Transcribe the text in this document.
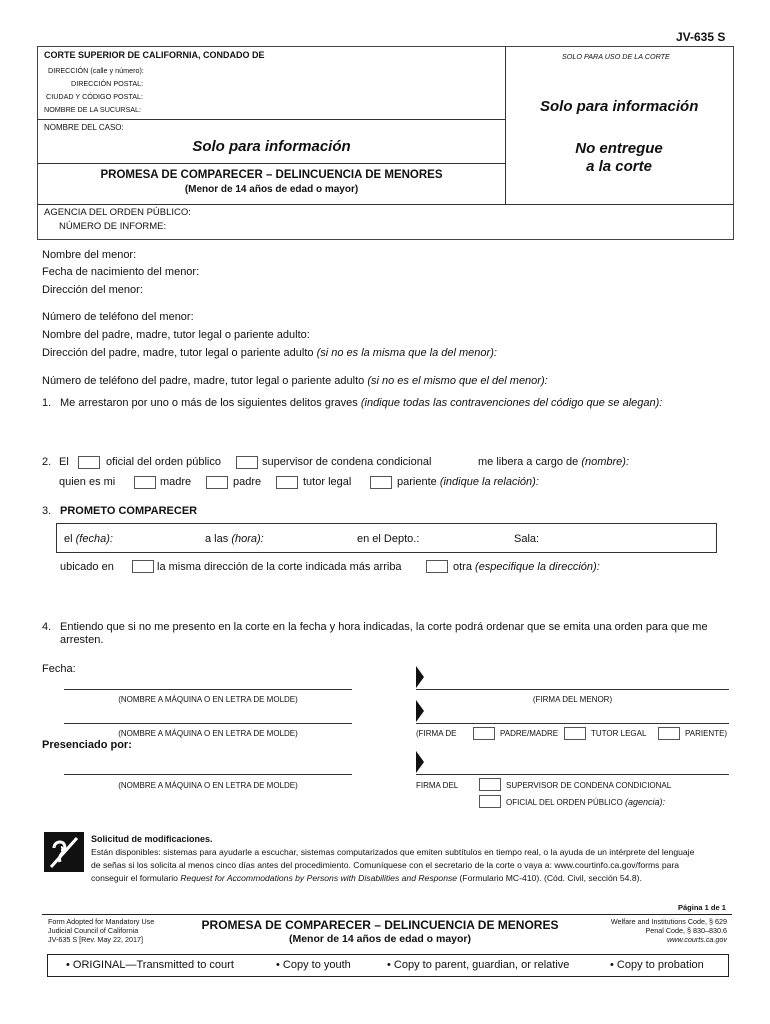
JV-635 S
CORTE SUPERIOR DE CALIFORNIA, CONDADO DE
DIRECCIÓN (calle y número):
DIRECCIÓN POSTAL:
CIUDAD Y CÓDIGO POSTAL:
NOMBRE DE LA SUCURSAL:
SOLO PARA USO DE LA CORTE
Solo para información
No entregue
a la corte
NOMBRE DEL CASO:
Solo para información
PROMESA DE COMPARECER – DELINCUENCIA DE MENORES
(Menor de 14 años de edad o mayor)
AGENCIA DEL ORDEN PÚBLICO:
NÚMERO DE INFORME:
Nombre del menor:
Fecha de nacimiento del menor:
Dirección del menor:
Número de teléfono del menor:
Nombre del padre, madre, tutor legal o pariente adulto:
Dirección del padre, madre, tutor legal o pariente adulto (si no es la misma que la del menor):
Número de teléfono del padre, madre, tutor legal o pariente adulto (si no es el mismo que el del menor):
1. Me arrestaron por uno o más de los siguientes delitos graves (indique todas las contravenciones del código que se alegan):
2. El	oficial del orden público	supervisor de condena condicional	me libera a cargo de (nombre):
quien es mi	madre	padre	tutor legal	pariente (indique la relación):
3. PROMETO COMPARECER
el (fecha):	a las (hora):	en el Depto.:	Sala:
ubicado en	la misma dirección de la corte indicada más arriba	otra (especifique la dirección):
4. Entiendo que si no me presento en la corte en la fecha y hora indicadas, la corte podrá ordenar que se emita una orden para que me
arresten.
Fecha:
(NOMBRE A MÁQUINA O EN LETRA DE MOLDE)	(FIRMA DEL MENOR)
(NOMBRE A MÁQUINA O EN LETRA DE MOLDE)	(FIRMA DE	PADRE/MADRE	TUTOR LEGAL	PARIENTE)
Presenciado por:
(NOMBRE A MÁQUINA O EN LETRA DE MOLDE)	FIRMA DEL	SUPERVISOR DE CONDENA CONDICIONAL
OFICIAL DEL ORDEN PÚBLICO (agencia):
Solicitud de modificaciones.
Están disponibles: sistemas para ayudarle a escuchar, sistemas computarizados que emiten subtítulos en tiempo real, o la ayuda de un intérprete del lenguaje
de señas si los solicita al menos cinco días antes del procedimiento. Comuníquese con el secretario de la corte o vaya a: www.courtinfo.ca.gov/forms para
conseguir el formulario Request for Accommodations by Persons with Disabilities and Response (Formulario MC-410). (Cód. Civil, sección 54.8).
Página 1 de 1
Form Adopted for Mandatory Use
Judicial Council of California
JV-635 S [Rev. May 22, 2017]
PROMESA DE COMPARECER – DELINCUENCIA DE MENORES
(Menor de 14 años de edad o mayor)
Welfare and Institutions Code, § 629
Penal Code, § 830–830.6
www.courts.ca.gov
• ORIGINAL—Transmitted to court	• Copy to youth	• Copy to parent, guardian, or relative	• Copy to probation
